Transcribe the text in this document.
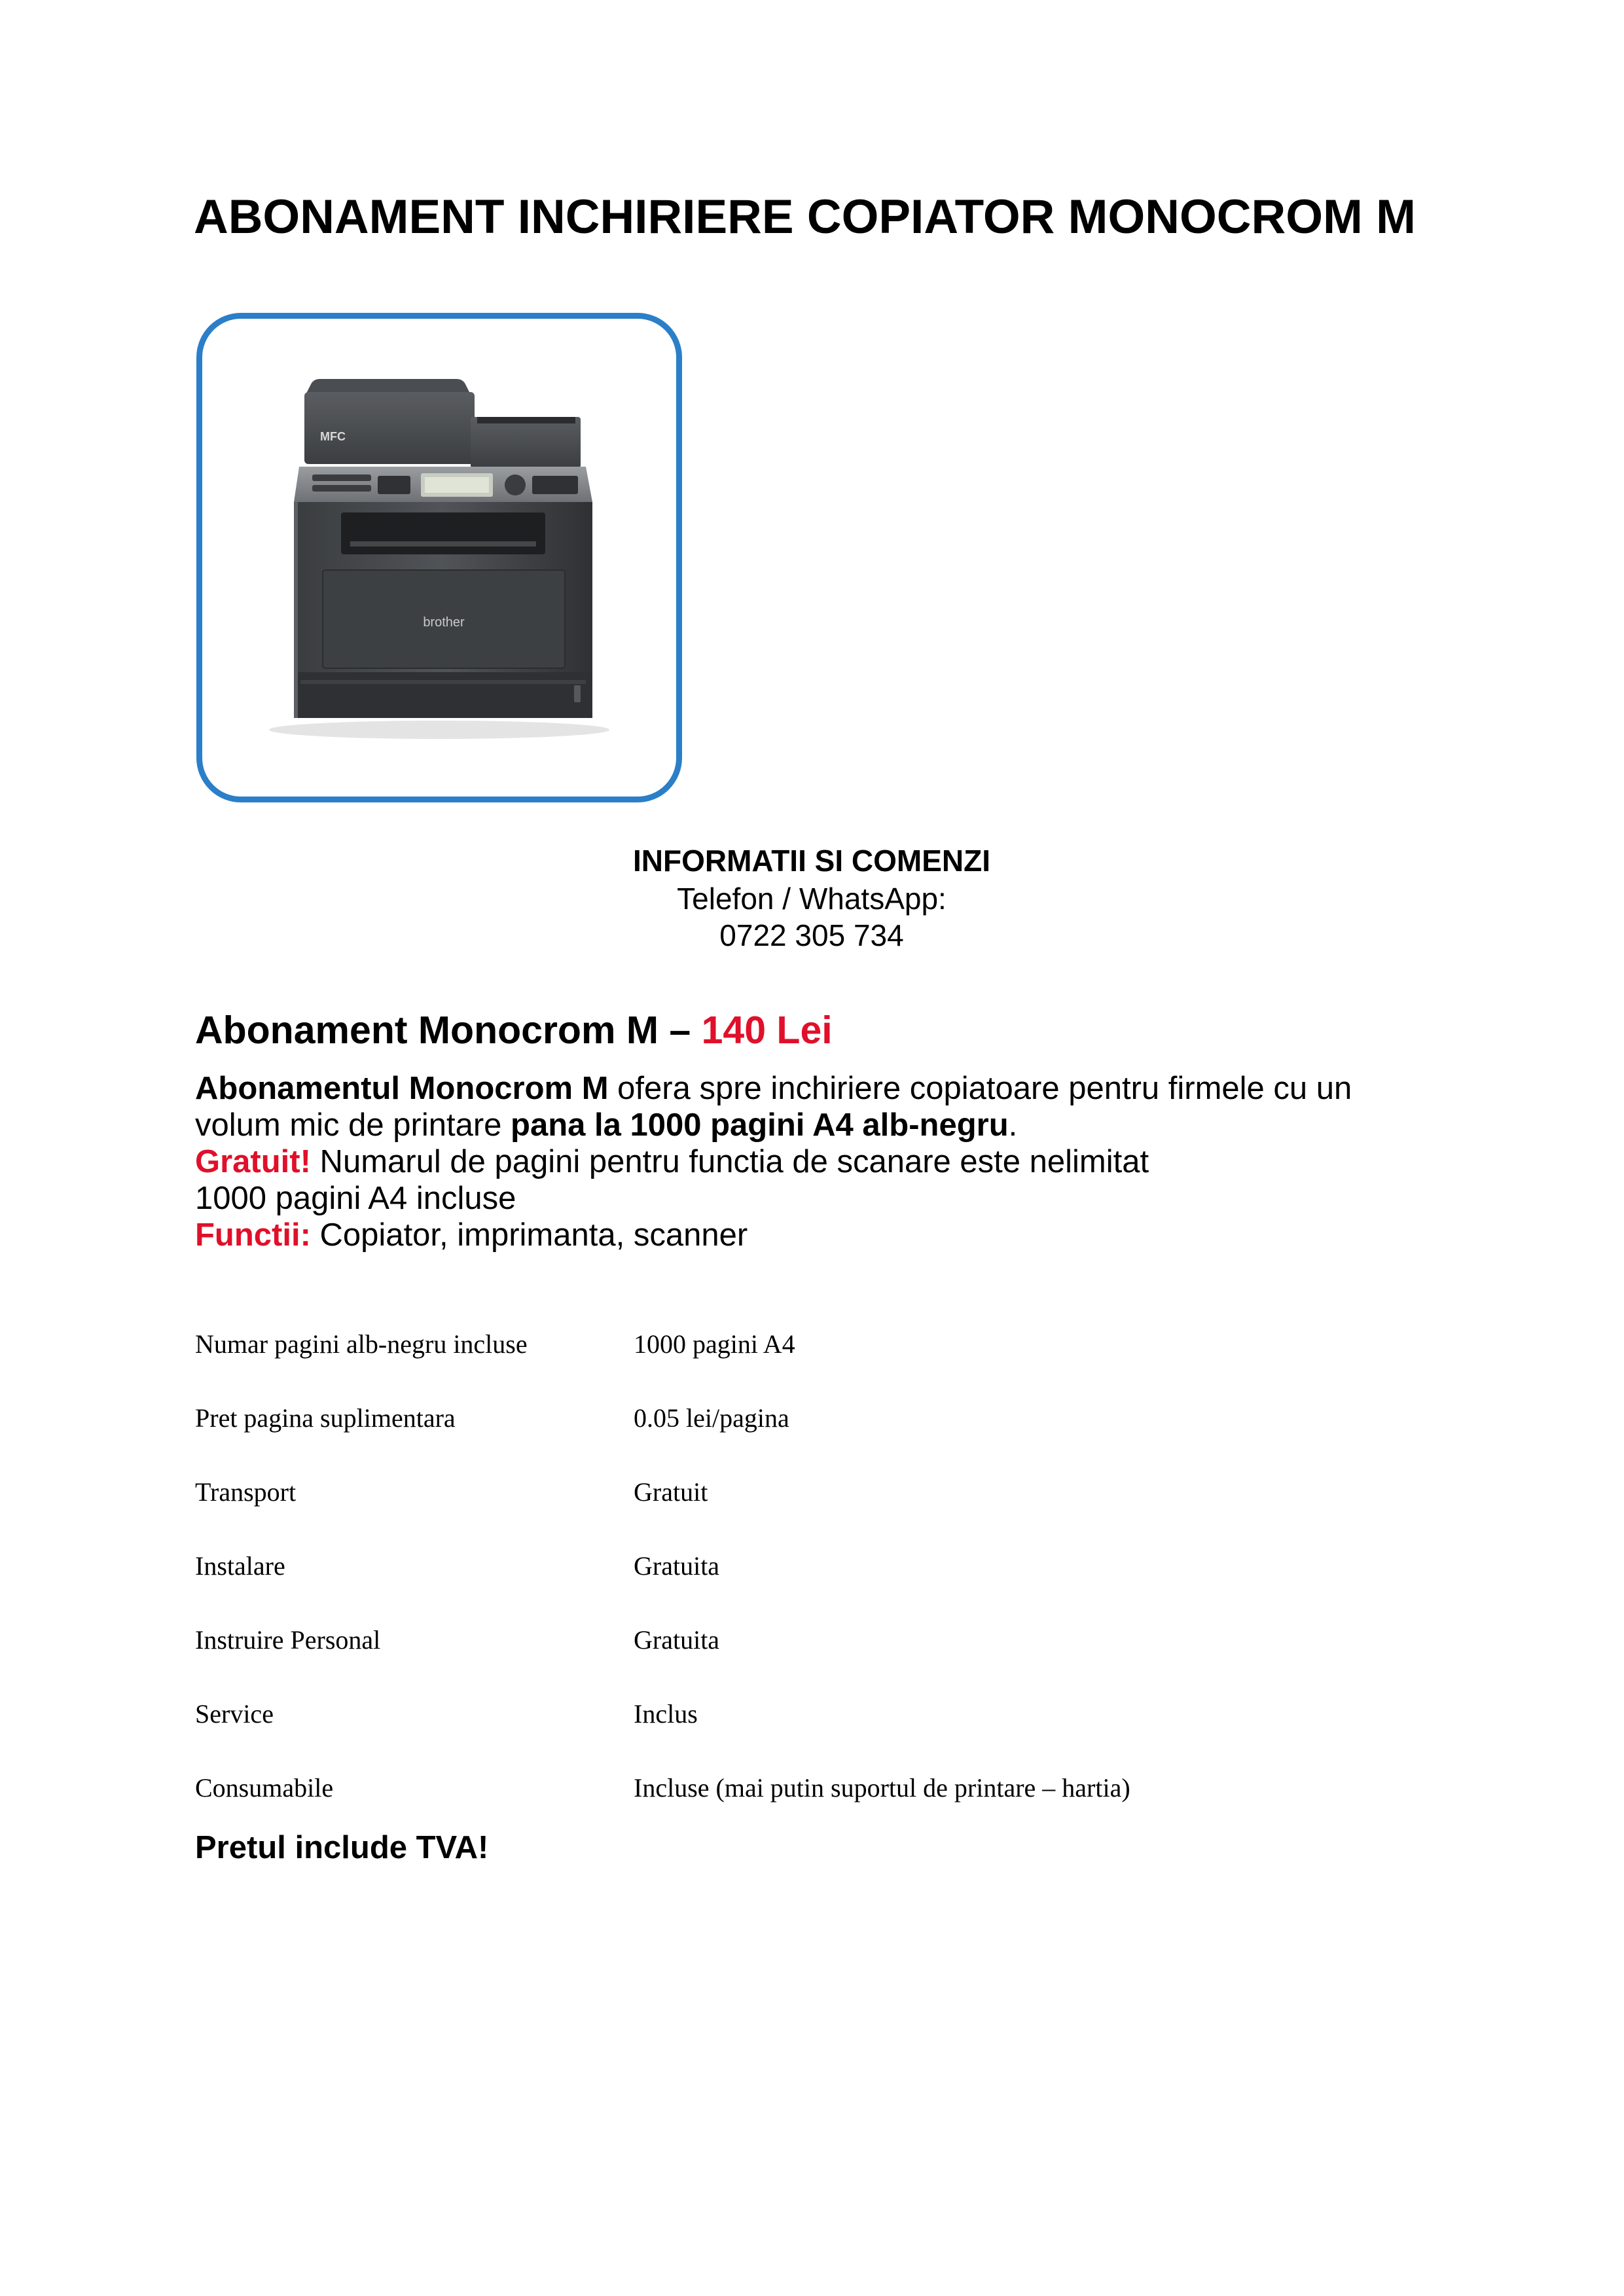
ABONAMENT INCHIRIERE COPIATOR MONOCROM M
MFC
brother
INFORMATII SI COMENZI
Telefon / WhatsApp:
0722 305 734
Abonament Monocrom M – 140 Lei
Abonamentul Monocrom M ofera spre inchiriere copiatoare pentru firmele cu un
volum mic de printare pana la 1000 pagini A4 alb-negru.
Gratuit! Numarul de pagini pentru functia de scanare este nelimitat
1000 pagini A4 incluse
Functii: Copiator, imprimanta, scanner
Numar pagini alb-negru incluse	1000 pagini A4
Pret pagina suplimentara	0.05 lei/pagina
Transport	Gratuit
Instalare	Gratuita
Instruire Personal	Gratuita
Service	Inclus
Consumabile	Incluse (mai putin suportul de printare – hartia)
Pretul include TVA!
